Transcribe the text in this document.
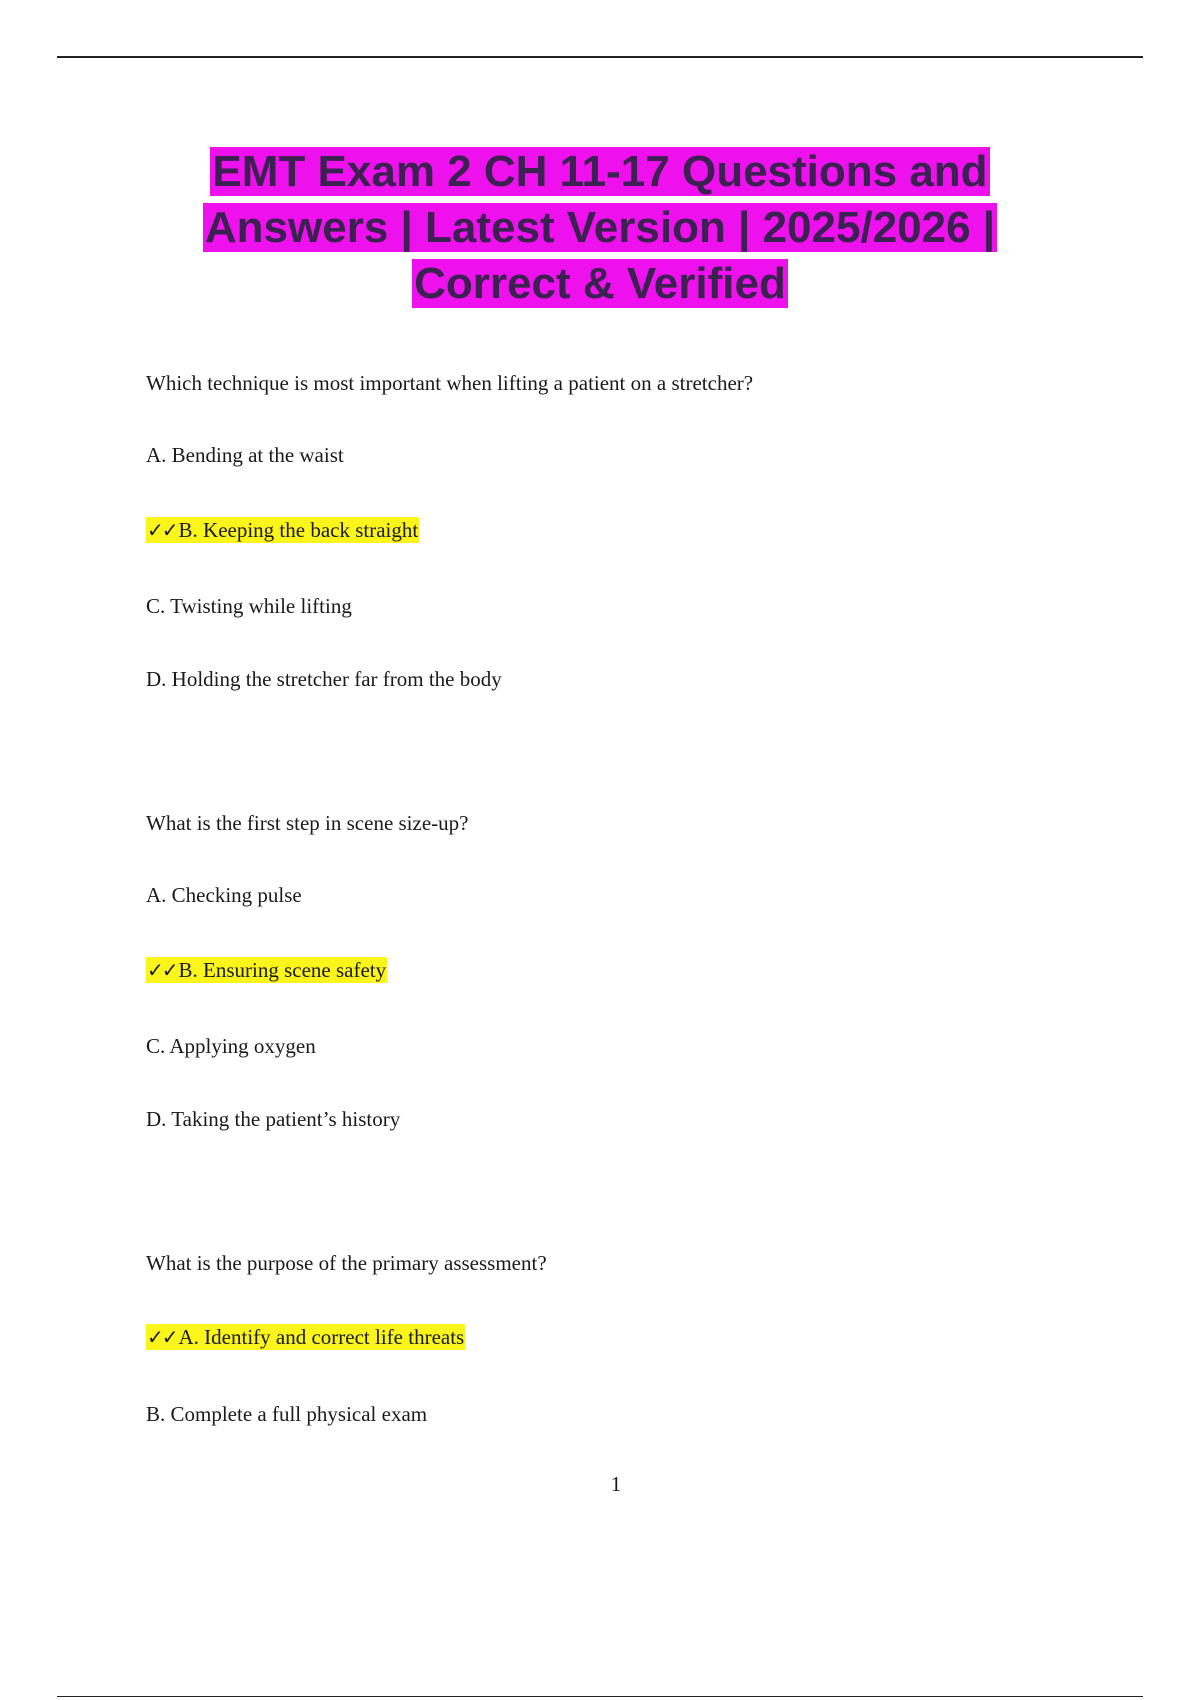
EMT Exam 2 CH 11-17 Questions and
Answers | Latest Version | 2025/2026 |
Correct & Verified
Which technique is most important when lifting a patient on a stretcher?
A. Bending at the waist
✓✓B. Keeping the back straight
C. Twisting while lifting
D. Holding the stretcher far from the body
What is the first step in scene size-up?
A. Checking pulse
✓✓B. Ensuring scene safety
C. Applying oxygen
D. Taking the patient’s history
What is the purpose of the primary assessment?
✓✓A. Identify and correct life threats
B. Complete a full physical exam
1
